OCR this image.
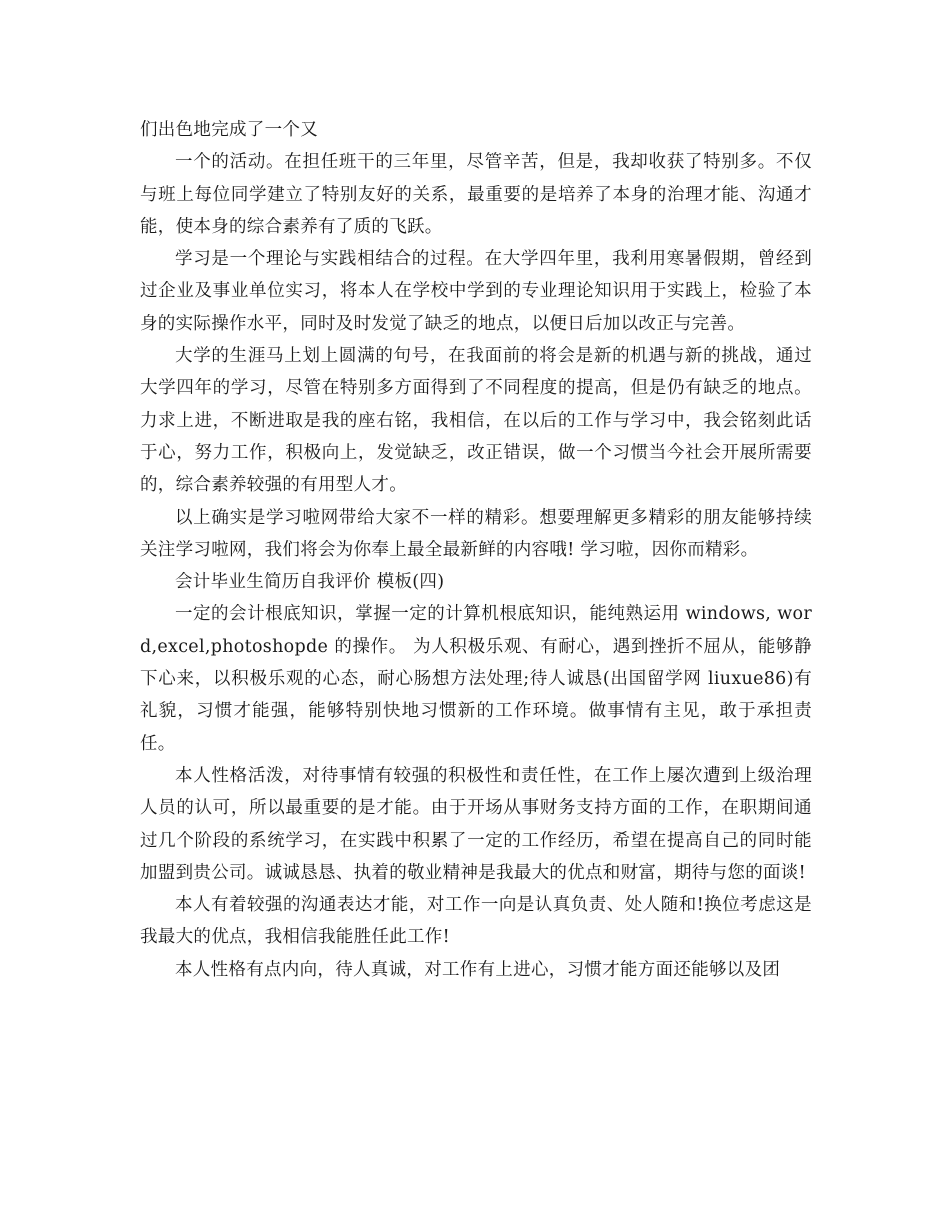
们出色地完成了一个又

一个的活动。在担任班干的三年里，尽管辛苦，但是，我却收获了特别多。不仅与班上每位同学建立了特别友好的关系，最重要的是培养了本身的治理才能、沟通才能，使本身的综合素养有了质的飞跃。

学习是一个理论与实践相结合的过程。在大学四年里，我利用寒暑假期，曾经到过企业及事业单位实习，将本人在学校中学到的专业理论知识用于实践上，检验了本身的实际操作水平，同时及时发觉了缺乏的地点，以便日后加以改正与完善。

大学的生涯马上划上圆满的句号，在我面前的将会是新的机遇与新的挑战，通过大学四年的学习，尽管在特别多方面得到了不同程度的提高，但是仍有缺乏的地点。力求上进，不断进取是我的座右铭，我相信，在以后的工作与学习中，我会铭刻此话于心，努力工作，积极向上，发觉缺乏，改正错误，做一个习惯当今社会开展所需要的，综合素养较强的有用型人才。

以上确实是学习啦网带给大家不一样的精彩。想要理解更多精彩的朋友能够持续关注学习啦网，我们将会为你奉上最全最新鲜的内容哦! 学习啦，因你而精彩。

会计毕业生简历自我评价 模板(四)

一定的会计根底知识，掌握一定的计算机根底知识，能纯熟运用 windows, word,excel,photoshopde 的操作。 为人积极乐观、有耐心，遇到挫折不屈从，能够静下心来，以积极乐观的心态，耐心肠想方法处理;待人诚恳(出国留学网 liuxue86)有礼貌，习惯才能强，能够特别快地习惯新的工作环境。做事情有主见，敢于承担责任。

本人性格活泼，对待事情有较强的积极性和责任性，在工作上屡次遭到上级治理人员的认可，所以最重要的是才能。由于开场从事财务支持方面的工作，在职期间通过几个阶段的系统学习，在实践中积累了一定的工作经历，希望在提高自己的同时能加盟到贵公司。诚诚恳恳、执着的敬业精神是我最大的优点和财富，期待与您的面谈!

本人有着较强的沟通表达才能，对工作一向是认真负责、处人随和!换位考虑这是我最大的优点，我相信我能胜任此工作!

本人性格有点内向，待人真诚，对工作有上进心，习惯才能方面还能够以及团
